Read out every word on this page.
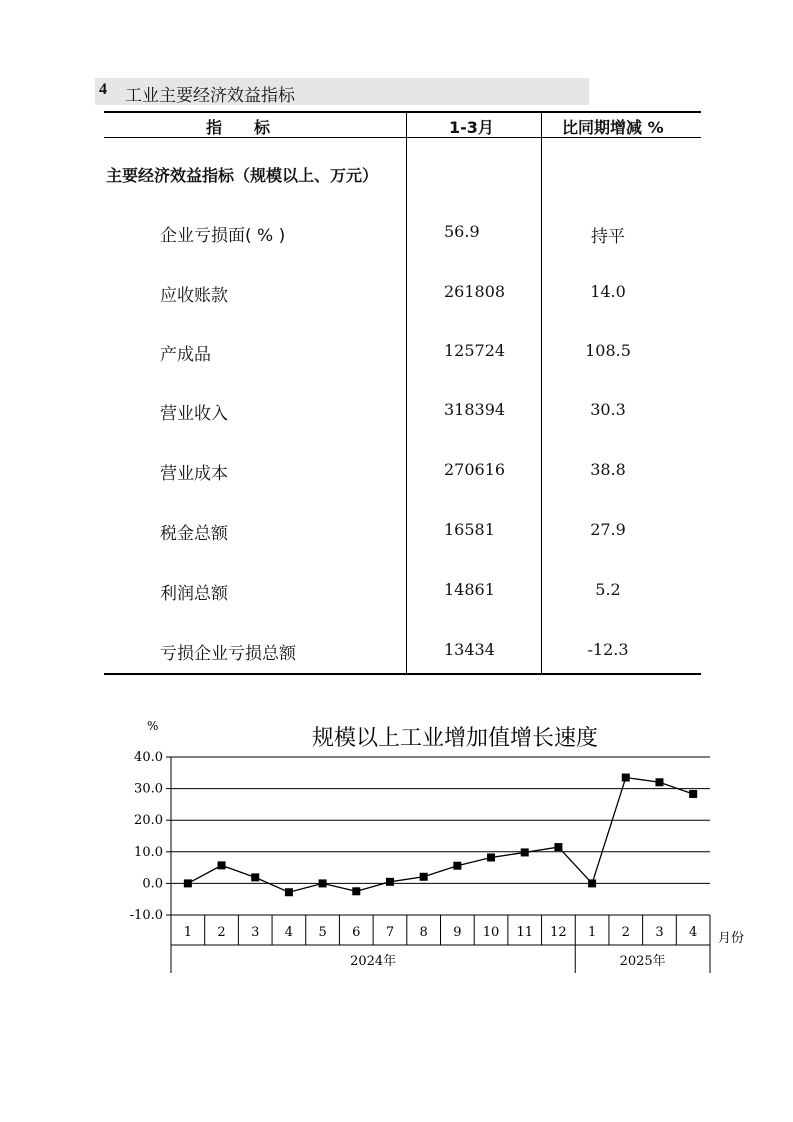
4 工业主要经济效益指标
指　　标	1-3月	比同期增减 %
主要经济效益指标（规模以上、万元）
企业亏损面( % )	56.9	持平
应收账款	261808	14.0
产成品	125724	108.5
营业收入	318394	30.3
营业成本	270616	38.8
税金总额	16581	27.9
利润总额	14861	5.2
亏损企业亏损总额	13434	-12.3
规模以上工业增加值增长速度
%
月份
40.0
30.0
20.0
10.0
0.0
-10.0
1 2 3 4 5 6 7 8 9 10 11 12 1 2 3 4
2024年	2025年
